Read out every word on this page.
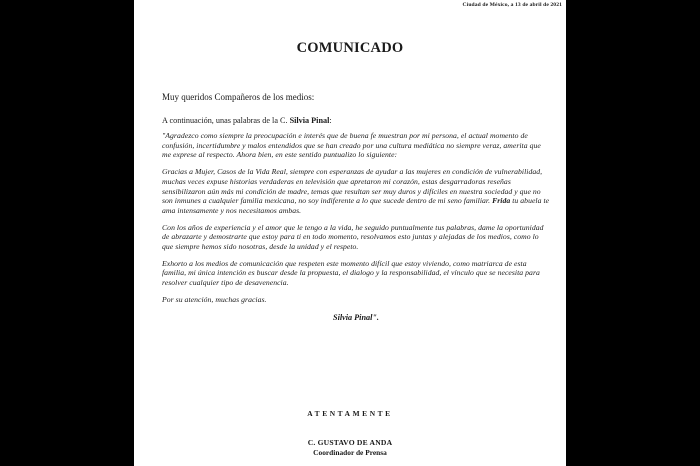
Ciudad de México, a 13 de abril de 2021
COMUNICADO

Muy queridos Compañeros de los medios:

A continuación, unas palabras de la C. Silvia Pinal:

"Agradezco como siempre la preocupación e interés que de buena fe muestran por mi persona, el actual momento de confusión, incertidumbre y malos entendidos que se han creado por una cultura mediática no siempre veraz, amerita que me exprese al respecto. Ahora bien, en este sentido puntualizo lo siguiente:

Gracias a Mujer, Casos de la Vida Real, siempre con esperanzas de ayudar a las mujeres en condición de vulnerabilidad, muchas veces expuse historias verdaderas en televisión que apretaron mi corazón, estas desgarradoras reseñas sensibilizaron aún más mi condición de madre, temas que resultan ser muy duros y difíciles en nuestra sociedad y que no son inmunes a cualquier familia mexicana, no soy indiferente a lo que sucede dentro de mi seno familiar. Frida tu abuela te ama intensamente y nos necesitamos ambas.

Con los años de experiencia y el amor que le tengo a la vida, he seguido puntualmente tus palabras, dame la oportunidad de abrazarte y demostrarte que estoy para ti en todo momento, resolvamos esto juntas y alejadas de los medios, como lo que siempre hemos sido nosotras, desde la unidad y el respeto.

Exhorto a los medios de comunicación que respeten este momento difícil que estoy viviendo, como matriarca de esta familia, mi única intención es buscar desde la propuesta, el dialogo y la responsabilidad, el vínculo que se necesita para resolver cualquier tipo de desavenencia.

Por su atención, muchas gracias.

Silvia Pinal".
ATENTAMENTE
C. GUSTAVO DE ANDA
Coordinador de Prensa
